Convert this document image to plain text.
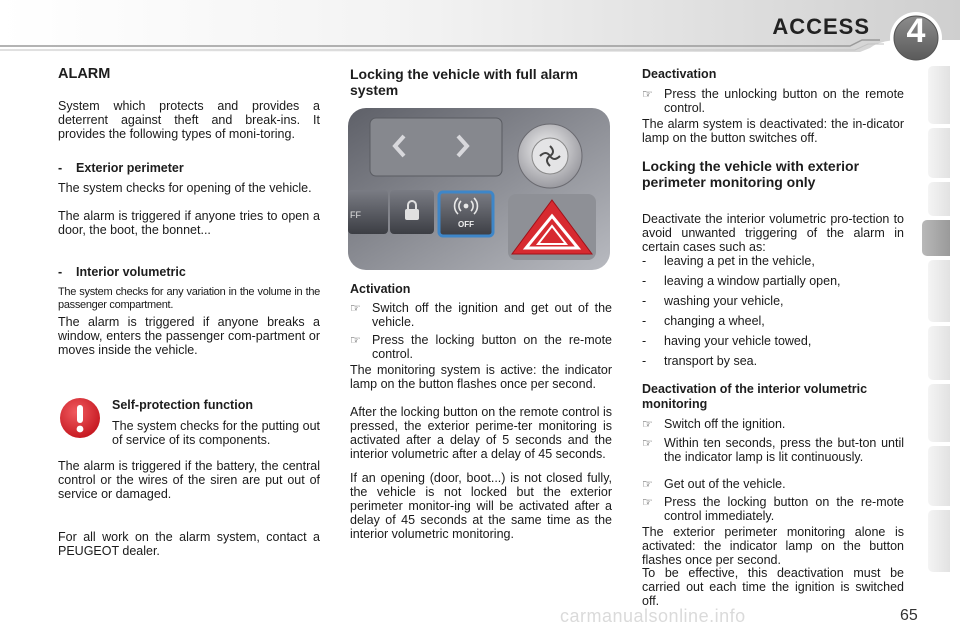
ACCESS	4
ALARM
System which protects and provides a deterrent against theft and break-ins. It provides the following types of moni-toring.
-    Exterior perimeter
The system checks for opening of the vehicle.
The alarm is triggered if anyone tries to open a door, the boot, the bonnet...
-    Interior volumetric
The system checks for any variation in the volume in the passenger compartment.
The alarm is triggered if anyone breaks a window, enters the passenger com-partment or moves inside the vehicle.
Self-protection function
The system checks for the putting out of service of its components.
The alarm is triggered if the battery, the central control or the wires of the siren are put out of service or damaged.
For all work on the alarm system, contact a PEUGEOT dealer.
Locking the vehicle with full alarm system
FF
OFF
Activation
☞ Switch off the ignition and get out of the vehicle.
☞ Press the locking button on the re-mote control.
The monitoring system is active: the indicator lamp on the button flashes once per second.
After the locking button on the remote control is pressed, the exterior perime-ter monitoring is activated after a delay of 5 seconds and the interior volumetric after a delay of 45 seconds.
If an opening (door, boot...) is not closed fully, the vehicle is not locked but the exterior perimeter monitor-ing will be activated after a delay of 45 seconds at the same time as the interior volumetric monitoring.
Deactivation
☞ Press the unlocking button on the remote control.
The alarm system is deactivated: the in-dicator lamp on the button switches off.
Locking the vehicle with exterior perimeter monitoring only
Deactivate the interior volumetric pro-tection to avoid unwanted triggering of the alarm in certain cases such as:
- leaving a pet in the vehicle,
- leaving a window partially open,
- washing your vehicle,
- changing a wheel,
- having your vehicle towed,
- transport by sea.
Deactivation of the interior volumetric monitoring
☞ Switch off the ignition.
☞ Within ten seconds, press the but-ton until the indicator lamp is lit continuously.
☞ Get out of the vehicle.
☞ Press the locking button on the re-mote control immediately.
The exterior perimeter monitoring alone is activated: the indicator lamp on the button flashes once per second.
To be effective, this deactivation must be carried out each time the ignition is switched off.
65
carmanualsonline.info
